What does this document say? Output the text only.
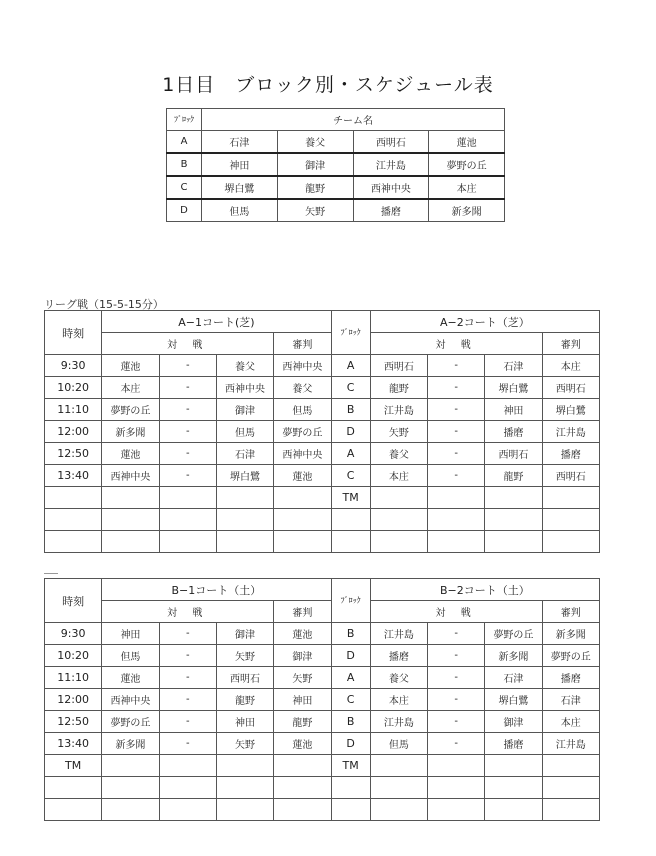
1日目　ブロック別・スケジュール表
ﾌﾞﾛｯｸ	チーム名			
A	石津	養父	西明石	蓮池
B	神田	御津	江井島	夢野の丘
C	堺白鷺	龍野	西神中央	本庄
D	但馬	矢野	播磨	新多聞
リーグ戦（15-5-15分）
時刻	A−1コート(芝)				ﾌﾞﾛｯｸ	A−2コート（芝）			
	対 戦			審判		対 戦			審判
9:30	蓮池	-	養父	西神中央	A	西明石	-	石津	本庄
10:20	本庄	-	西神中央	養父	C	龍野	-	堺白鷺	西明石
11:10	夢野の丘	-	御津	但馬	B	江井島	-	神田	堺白鷺
12:00	新多聞	-	但馬	夢野の丘	D	矢野	-	播磨	江井島
12:50	蓮池	-	石津	西神中央	A	養父	-	西明石	播磨
13:40	西神中央	-	堺白鷺	蓮池	C	本庄	-	龍野	西明石
					TM				

時刻	B−1コート（土）				ﾌﾞﾛｯｸ	B−2コート（土）			
	対 戦			審判		対 戦			審判
9:30	神田	-	御津	蓮池	B	江井島	-	夢野の丘	新多聞
10:20	但馬	-	矢野	御津	D	播磨	-	新多聞	夢野の丘
11:10	蓮池	-	西明石	矢野	A	養父	-	石津	播磨
12:00	西神中央	-	龍野	神田	C	本庄	-	堺白鷺	石津
12:50	夢野の丘	-	神田	龍野	B	江井島	-	御津	本庄
13:40	新多聞	-	矢野	蓮池	D	但馬	-	播磨	江井島
TM					TM				
